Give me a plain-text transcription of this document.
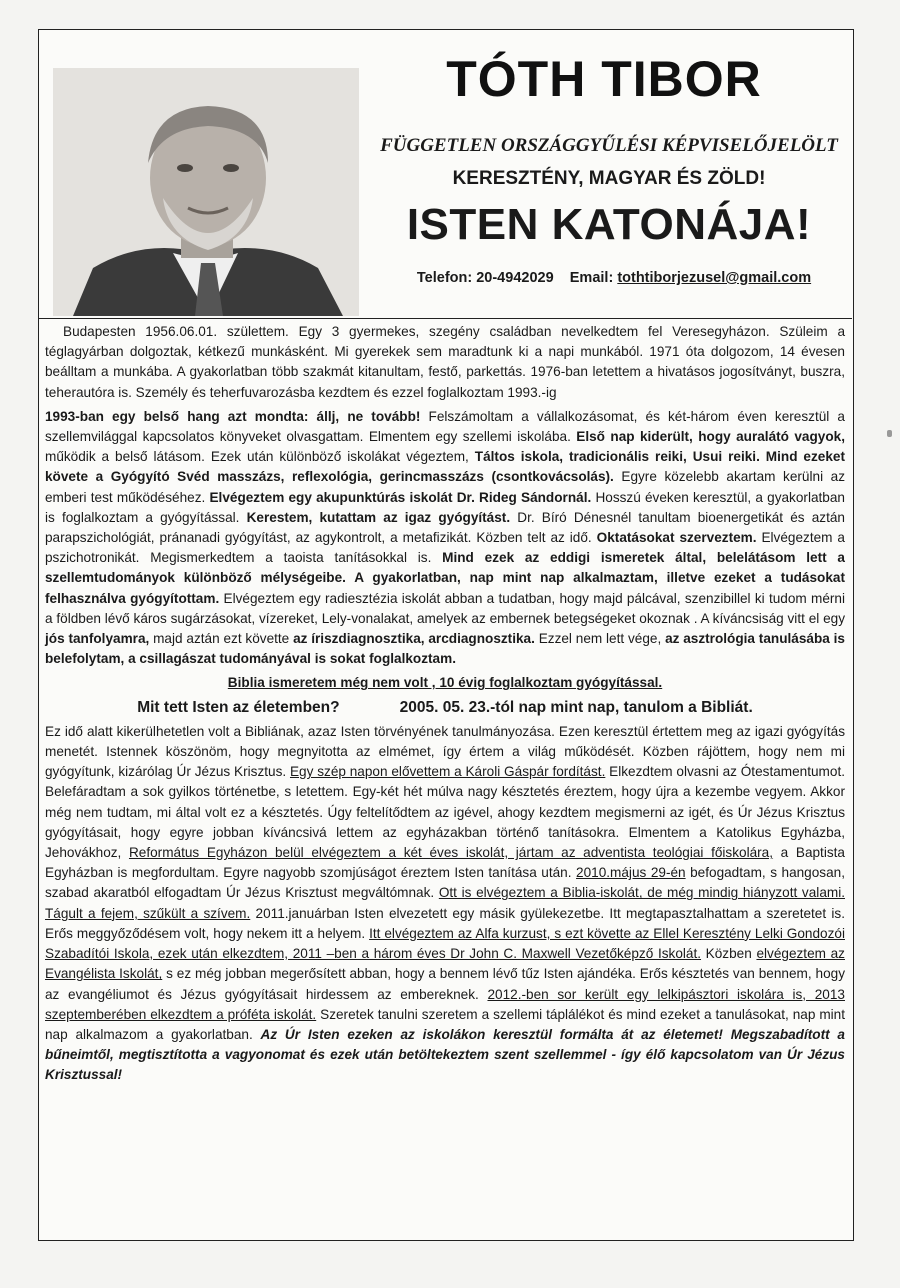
TÓTH TIBOR
FÜGGETLEN ORSZÁGGYŰLÉSI KÉPVISELŐJELÖLT
KERESZTÉNY, MAGYAR ÉS ZÖLD!
ISTEN KATONÁJA!
Telefon: 20-4942029 Email: tothtiborjezusel@gmail.com

Budapesten 1956.06.01. születtem. Egy 3 gyermekes, szegény családban nevelkedtem fel Veresegyházon. Szüleim a téglagyárban dolgoztak, kétkezű munkásként. Mi gyerekek sem maradtunk ki a napi munkából. 1971 óta dolgozom, 14 évesen beálltam a munkába. A gyakorlatban több szakmát kitanultam, festő, parkettás. 1976-ban letettem a hivatásos jogosítványt, buszra, teherautóra is. Személy és teherfuvarozásba kezdtem és ezzel foglalkoztam 1993.-ig

1993-ban egy belső hang azt mondta: állj, ne tovább! Felszámoltam a vállalkozásomat, és két-három éven keresztül a szellemvilággal kapcsolatos könyveket olvasgattam. Elmentem egy szellemi iskolába. Első nap kiderült, hogy auralátó vagyok, működik a belső látásom. Ezek után különböző iskolákat végeztem, Táltos iskola, tradicionális reiki, Usui reiki. Mind ezeket követe a Gyógyító Svéd masszázs, reflexológia, gerincmasszázs (csontkovácsolás). Egyre közelebb akartam kerülni az emberi test működéséhez. Elvégeztem egy akupunktúrás iskolát Dr. Rideg Sándornál. Hosszú éveken keresztül, a gyakorlatban is foglalkoztam a gyógyítással. Kerestem, kutattam az igaz gyógyítást. Dr. Bíró Dénesnél tanultam bioenergetikát és aztán parapszichológiát, pránanadi gyógyítást, az agykontrolt, a metafizikát. Közben telt az idő. Oktatásokat szerveztem. Elvégeztem a pszichotronikát. Megismerkedtem a taoista tanításokkal is. Mind ezek az eddigi ismeretek által, belelátásom lett a szellemtudományok különböző mélységeibe. A gyakorlatban, nap mint nap alkalmaztam, illetve ezeket a tudásokat felhasználva gyógyítottam. Elvégeztem egy radiesztézia iskolát abban a tudatban, hogy majd pálcával, szenzibillel ki tudom mérni a földben lévő káros sugárzásokat, vízereket, Lely-vonalakat, amelyek az embernek betegségeket okoznak . A kíváncsiság vitt el egy jós tanfolyamra, majd aztán ezt követte az íriszdiagnosztika, arcdiagnosztika. Ezzel nem lett vége, az asztrológia tanulásába is belefolytam, a csillagászat tudományával is sokat foglalkoztam.

Biblia ismeretem még nem volt , 10 évig foglalkoztam gyógyítással.

Mit tett Isten az életemben?	2005. 05. 23.-tól nap mint nap, tanulom a Bibliát.

Ez idő alatt kikerülhetetlen volt a Bibliának, azaz Isten törvényének tanulmányozása. Ezen keresztül értettem meg az igazi gyógyítás menetét. Istennek köszönöm, hogy megnyitotta az elmémet, így értem a világ működését. Közben rájöttem, hogy nem mi gyógyítunk, kizárólag Úr Jézus Krisztus. Egy szép napon elővettem a Károli Gáspár fordítást. Elkezdtem olvasni az Ótestamentumot. Belefáradtam a sok gyilkos történetbe, s letettem. Egy-két hét múlva nagy késztetés éreztem, hogy újra a kezembe vegyem. Akkor még nem tudtam, mi által volt ez a késztetés. Úgy feltelítődtem az igével, ahogy kezdtem megismerni az igét, és Úr Jézus Krisztus gyógyításait, hogy egyre jobban kíváncsivá lettem az egyházakban történő tanításokra. Elmentem a Katolikus Egyházba, Jehovákhoz, Református Egyházon belül elvégeztem a két éves iskolát, jártam az adventista teológiai főiskolára, a Baptista Egyházban is megfordultam. Egyre nagyobb szomjúságot éreztem Isten tanítása után. 2010.május 29-én befogadtam, s hangosan, szabad akaratból elfogadtam Úr Jézus Krisztust megváltómnak. Ott is elvégeztem a Biblia-iskolát, de még mindig hiányzott valami. Tágult a fejem, szűkült a szívem. 2011.januárban Isten elvezetett egy másik gyülekezetbe. Itt megtapasztalhattam a szeretetet is. Erős meggyőződésem volt, hogy nekem itt a helyem. Itt elvégeztem az Alfa kurzust, s ezt követte az Ellel Keresztény Lelki Gondozói Szabadítói Iskola, ezek után elkezdtem, 2011 –ben a három éves Dr John C. Maxwell Vezetőképző Iskolát. Közben elvégeztem az Evangélista Iskolát, s ez még jobban megerősített abban, hogy a bennem lévő tűz Isten ajándéka. Erős késztetés van bennem, hogy az evangéliumot és Jézus gyógyításait hirdessem az embereknek. 2012.-ben sor került egy lelkipásztori iskolára is, 2013 szeptemberében elkezdtem a próféta iskolát. Szeretek tanulni szeretem a szellemi táplálékot és mind ezeket a tanulásokat, nap mint nap alkalmazom a gyakorlatban. Az Úr Isten ezeken az iskolákon keresztül formálta át az életemet! Megszabadított a bűneimtől, megtisztította a vagyonomat és ezek után betöltekeztem szent szellemmel - így élő kapcsolatom van Úr Jézus Krisztussal!
